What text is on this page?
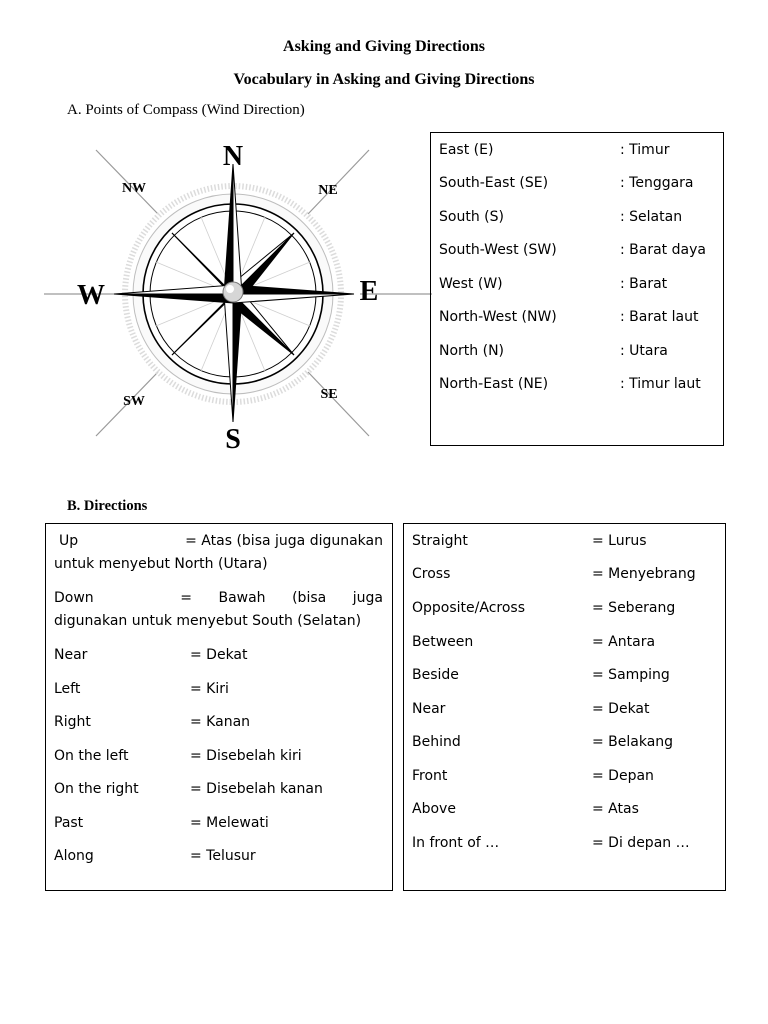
Asking and Giving Directions
Vocabulary in Asking and Giving Directions
A. Points of Compass (Wind Direction)
N
S
W	E
NW	NE
SW	SE
East (E)	: Timur
South-East (SE)	: Tenggara
South (S)	: Selatan
South-West (SW)	: Barat daya
West (W)	: Barat
North-West (NW)	: Barat laut
North (N)	: Utara
North-East (NE)	: Timur laut
B. Directions
Up	= Atas (bisa juga digunakan
untuk menyebut North (Utara)
Down	= Bawah (bisa juga
digunakan untuk menyebut South (Selatan)
Near	= Dekat
Left	= Kiri
Right	= Kanan
On the left	= Disebelah kiri
On the right	= Disebelah kanan
Past	= Melewati
Along	= Telusur
Straight	= Lurus
Cross	= Menyebrang
Opposite/Across	= Seberang
Between	= Antara
Beside	= Samping
Near	= Dekat
Behind	= Belakang
Front	= Depan
Above	= Atas
In front of …	= Di depan …
